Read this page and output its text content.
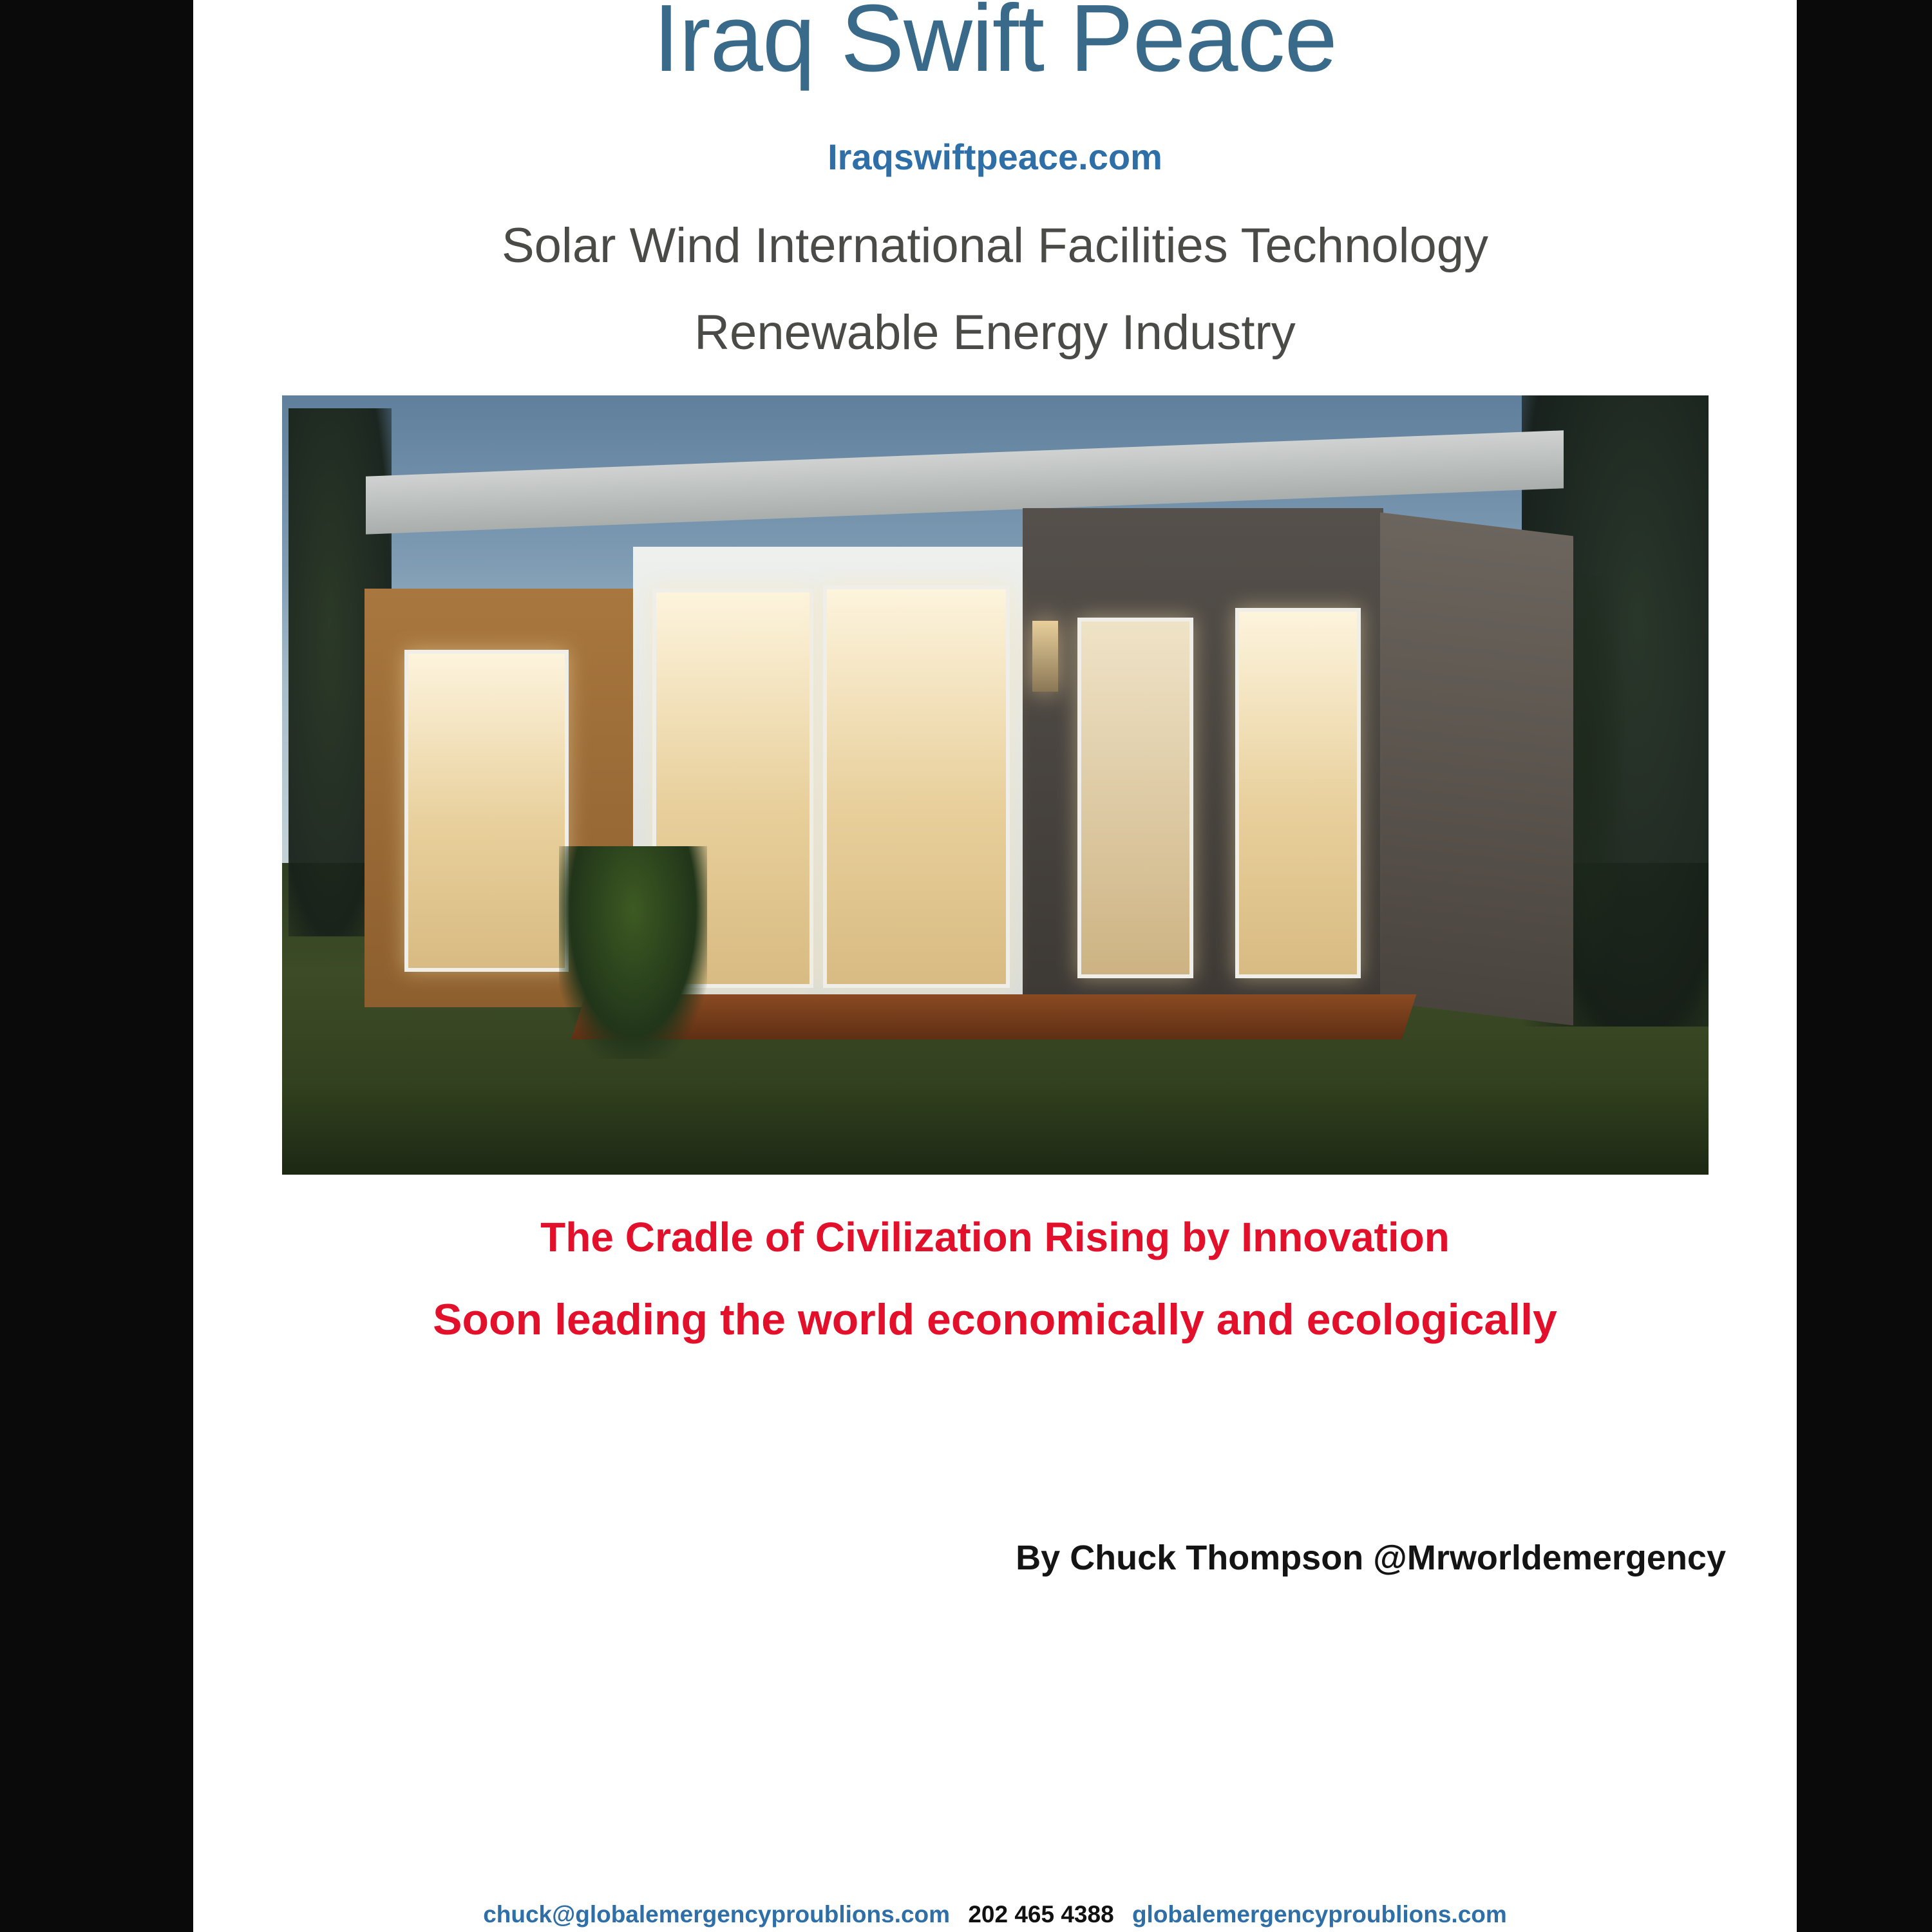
Iraq Swift Peace
Iraqswiftpeace.com
Solar Wind International Facilities Technology
Renewable Energy Industry
The Cradle of Civilization Rising by Innovation
Soon leading the world economically and ecologically
By Chuck Thompson @Mrworldemergency
chuck@globalemergencyproublions.com 202 465 4388 globalemergencyproublions.com
